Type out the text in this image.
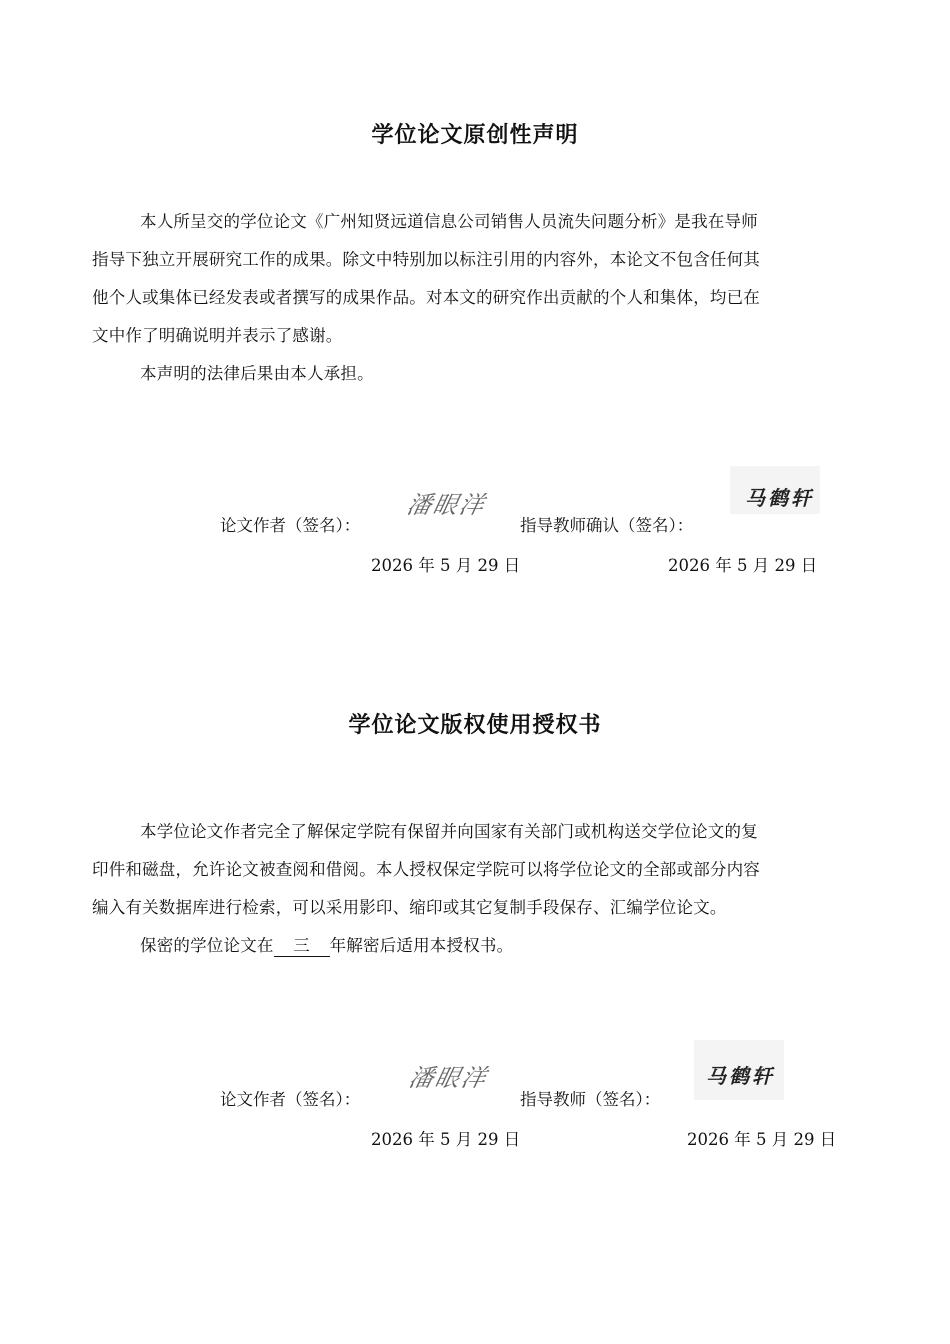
学位论文原创性声明
本人所呈交的学位论文《广州知贤远道信息公司销售人员流失问题分析》是我在导师
指导下独立开展研究工作的成果。除文中特别加以标注引用的内容外，本论文不包含任何其
他个人或集体已经发表或者撰写的成果作品。对本文的研究作出贡献的个人和集体，均已在
文中作了明确说明并表示了感谢。
本声明的法律后果由本人承担。
论文作者（签名）：
潘眼洋
指导教师确认（签名）：
马鹤轩
2026 年 5 月 29 日	2026 年 5 月 29 日
学位论文版权使用授权书
本学位论文作者完全了解保定学院有保留并向国家有关部门或机构送交学位论文的复
印件和磁盘，允许论文被查阅和借阅。本人授权保定学院可以将学位论文的全部或部分内容
编入有关数据库进行检索，可以采用影印、缩印或其它复制手段保存、汇编学位论文。
保密的学位论文在 三 年解密后适用本授权书。
论文作者（签名）：
潘眼洋
指导教师（签名）：
马鹤轩
2026 年 5 月 29 日	2026 年 5 月 29 日
